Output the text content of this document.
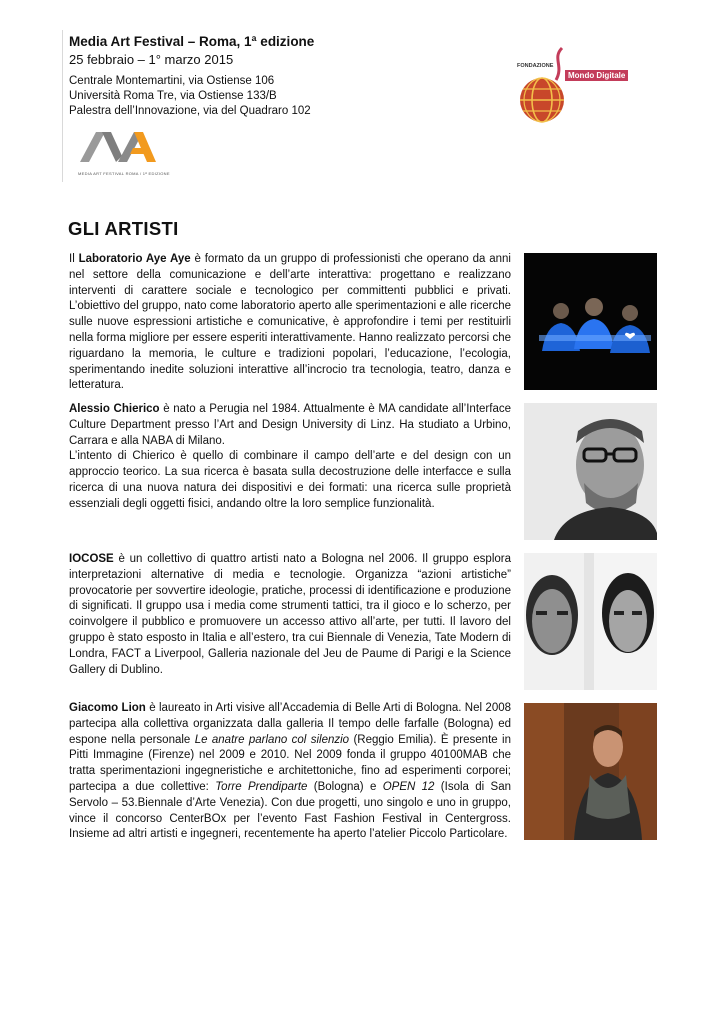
Media Art Festival – Roma, 1ª edizione
25 febbraio – 1° marzo 2015
Centrale Montemartini, via Ostiense 106
Università Roma Tre, via Ostiense 133/B
Palestra dell’Innovazione, via del Quadraro 102
MEDIA ART FESTIVAL ROMA / 1ª EDIZIONE
FONDAZIONE
Mondo Digitale
GLI ARTISTI

Il Laboratorio Aye Aye è formato da un gruppo di professionisti che operano da anni nel settore della comunicazione e dell’arte interattiva: progettano e realizzano interventi di carattere sociale e tecnologico per committenti pubblici e privati. L’obiettivo del gruppo, nato come laboratorio aperto alle sperimentazioni e alle ricerche sulle nuove espressioni artistiche e comunicative, è approfondire i temi per restituirli nella forma migliore per essere esperiti interattivamente. Hanno realizzato percorsi che riguardano la memoria, le culture e tradizioni popolari, l’educazione, l’ecologia, sperimentando inedite soluzioni interattive all’incrocio tra tecnologia, teatro, danza e letteratura.

Alessio Chierico è nato a Perugia nel 1984. Attualmente è MA candidate all’Interface Culture Department presso l’Art and Design University di Linz. Ha studiato a Urbino, Carrara e alla NABA di Milano.

L’intento di Chierico è quello di combinare il campo dell’arte e del design con un approccio teorico. La sua ricerca è basata sulla decostruzione delle interfacce e sulla ricerca di una nuova natura dei dispositivi e dei formati: una ricerca sulle proprietà essenziali degli oggetti fisici, andando oltre la loro semplice funzionalità.

IOCOSE è un collettivo di quattro artisti nato a Bologna nel 2006. Il gruppo esplora interpretazioni alternative di media e tecnologie. Organizza “azioni artistiche” provocatorie per sovvertire ideologie, pratiche, processi di identificazione e produzione di significati. Il gruppo usa i media come strumenti tattici, tra il gioco e lo scherzo, per coinvolgere il pubblico e promuovere un accesso attivo all’arte, per tutti. Il lavoro del gruppo è stato esposto in Italia e all’estero, tra cui Biennale di Venezia, Tate Modern di Londra, FACT a Liverpool, Galleria nazionale del Jeu de Paume di Parigi e la Science Gallery di Dublino.

Giacomo Lion è laureato in Arti visive all’Accademia di Belle Arti di Bologna. Nel 2008 partecipa alla collettiva organizzata dalla galleria Il tempo delle farfalle (Bologna) ed espone nella personale Le anatre parlano col silenzio (Reggio Emilia). È presente in Pitti Immagine (Firenze) nel 2009 e 2010. Nel 2009 fonda il gruppo 40100MAB che tratta sperimentazioni ingegneristiche e architettoniche, fino ad esperimenti corporei; partecipa a due collettive: Torre Prendiparte (Bologna) e OPEN 12 (Isola di San Servolo – 53.Biennale d’Arte Venezia). Con due progetti, uno singolo e uno in gruppo, vince il concorso CenterBOx per l’evento Fast Fashion Festival in Centergross. Insieme ad altri artisti e ingegneri, recentemente ha aperto l’atelier Piccolo Particolare.
